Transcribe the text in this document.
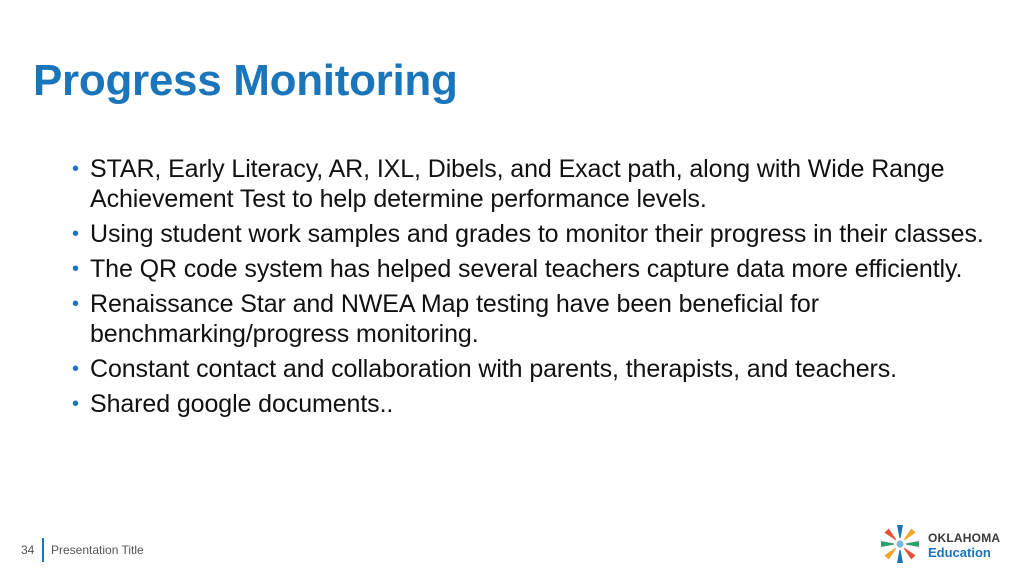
Progress Monitoring
• STAR, Early Literacy, AR, IXL, Dibels, and Exact path, along with Wide Range Achievement Test to help determine performance levels.
• Using student work samples and grades to monitor their progress in their classes.
• The QR code system has helped several teachers capture data more efficiently.
• Renaissance Star and NWEA Map testing have been beneficial for benchmarking/progress monitoring.
• Constant contact and collaboration with parents, therapists, and teachers.
• Shared google documents..
34 Presentation Title
OKLAHOMA
Education
